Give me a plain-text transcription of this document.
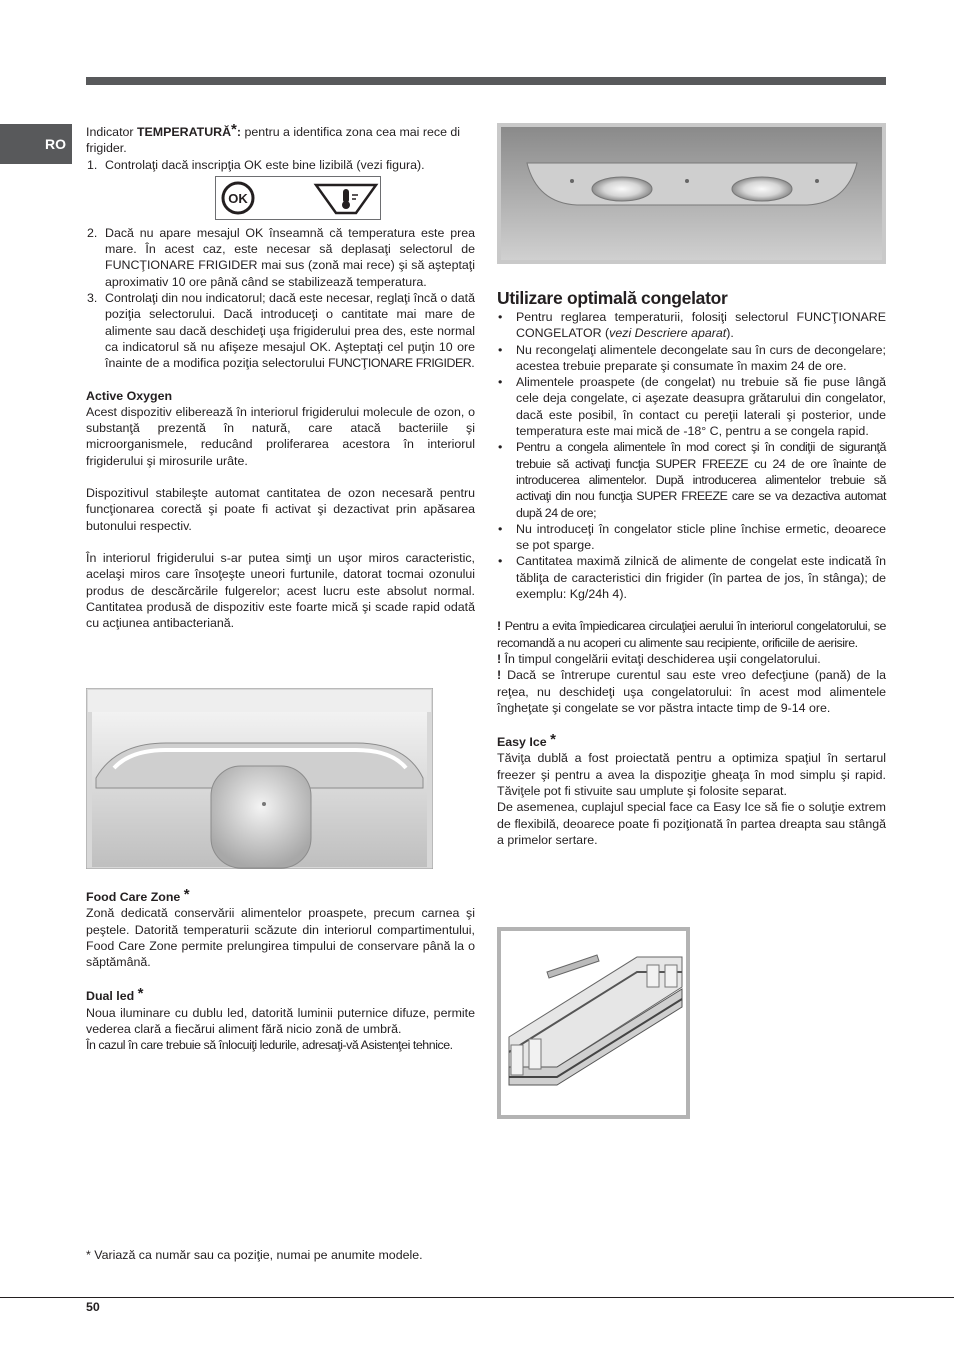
RO

Indicator TEMPERATURĂ*: pentru a identifica zona cea mai rece di frigider.

1. Controlaţi dacă inscripţia OK este bine lizibilă (vezi figura).
OK
2. Dacă nu apare mesajul OK înseamnă că temperatura este prea mare. În acest caz, este necesar să deplasaţi selectorul de FUNCŢIONARE FRIGIDER mai sus (zonă mai rece) şi să aşteptaţi aproximativ 10 ore până când se stabilizează temperatura.
3. Controlaţi din nou indicatorul; dacă este necesar, reglaţi încă o dată poziţia selectorului. Dacă introduceţi o cantitate mai mare de alimente sau dacă deschideţi uşa frigiderului prea des, este normal ca indicatorul să nu afişeze mesajul OK. Aşteptaţi cel puţin 10 ore înainte de a modifica poziţia selectorului FUNCŢIONARE FRIGIDER.

Active Oxygen

Acest dispozitiv eliberează în interiorul frigiderului molecule de ozon, o substanţă prezentă în natură, care atacă bacteriile şi microorganismele, reducând proliferarea acestora în interiorul frigiderului şi mirosurile urâte.

Dispozitivul stabileşte automat cantitatea de ozon necesară pentru funcţionarea corectă şi poate fi activat şi dezactivat prin apăsarea butonului respectiv.

În interiorul frigiderului s-ar putea simţi un uşor miros caracteristic, acelaşi miros care însoţeşte uneori furtunile, datorat tocmai ozonului produs de descărcările fulgerelor; acest lucru este absolut normal. Cantitatea produsă de dispozitiv este foarte mică şi scade rapid odată cu acţiunea antibacteriană.

Food Care Zone *

Zonă dedicată conservării alimentelor proaspete, precum carnea şi peştele. Datorită temperaturii scăzute din interiorul compartimentului, Food Care Zone permite prelungirea timpului de conservare până la o săptămână.

Dual led *

Noua iluminare cu dublu led, datorită luminii puternice difuze, permite vederea clară a fiecărui aliment fără nicio zonă de umbră.

În cazul în care trebuie să înlocuiţi ledurile, adresaţi-vă Asistenţei tehnice.

Utilizare optimală congelator

• Pentru reglarea temperaturii, folosiţi selectorul FUNCŢIONARE CONGELATOR (vezi Descriere aparat).
• Nu recongelaţi alimentele decongelate sau în curs de decongelare; acestea trebuie preparate şi consumate în maxim 24 de ore.
• Alimentele proaspete (de congelat) nu trebuie să fie puse lângă cele deja congelate, ci aşezate deasupra grătarului din congelator, dacă este posibil, în contact cu pereţii laterali şi posterior, unde temperatura este mai mică de -18° C, pentru a se congela rapid.
• Pentru a congela alimentele în mod corect şi în condiţii de siguranţă trebuie să activaţi funcţia SUPER FREEZE cu 24 de ore înainte de introducerea alimentelor. După introducerea alimentelor trebuie să activaţi din nou funcţia SUPER FREEZE care se va dezactiva automat după 24 de ore;
• Nu introduceţi în congelator sticle pline închise ermetic, deoarece se pot sparge.
• Cantitatea maximă zilnică de alimente de congelat este indicată în tăbliţa de caracteristici din frigider (în partea de jos, în stânga); de exemplu: Kg/24h 4).

! Pentru a evita împiedicarea circulaţiei aerului în interiorul congelatorului, se recomandă a nu acoperi cu alimente sau recipiente, orificiile de aerisire.

! În timpul congelării evitaţi deschiderea uşii congelatorului.

! Dacă se întrerupe curentul sau este vreo defecţiune (pană) de la reţea, nu deschideţi uşa congelatorului: în acest mod alimentele îngheţate şi congelate se vor păstra intacte timp de 9-14 ore.

Easy Ice *

Tăviţa dublă a fost proiectată pentru a optimiza spaţiul în sertarul freezer şi pentru a avea la dispoziţie gheaţa în mod simplu şi rapid. Tăviţele pot fi stivuite sau umplute şi folosite separat.

De asemenea, cuplajul special face ca Easy Ice să fie o soluţie extrem de flexibilă, deoarece poate fi poziţionată în partea dreapta sau stângă a primelor sertare.

* Variază ca număr sau ca poziţie, numai pe anumite modele.
50
